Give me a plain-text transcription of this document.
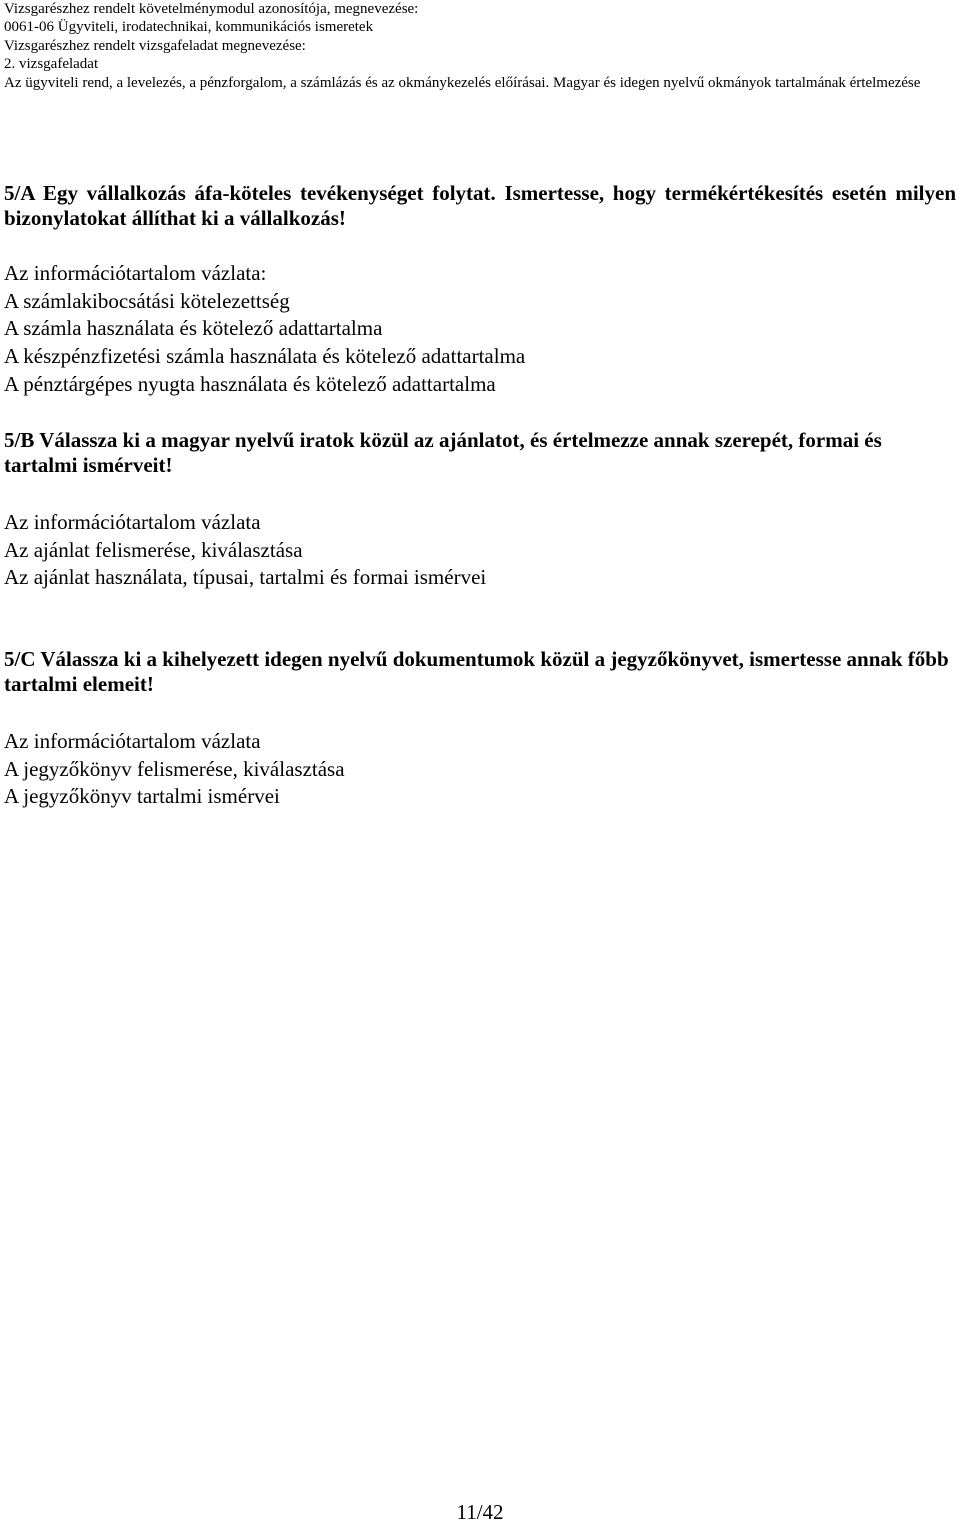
Vizsgarészhez rendelt követelménymodul azonosítója, megnevezése:
0061-06 Ügyviteli, irodatechnikai, kommunikációs ismeretek
Vizsgarészhez rendelt vizsgafeladat megnevezése:
2. vizsgafeladat
Az ügyviteli rend, a levelezés, a pénzforgalom, a számlázás és az okmánykezelés előírásai. Magyar és idegen nyelvű okmányok tartalmának értelmezése
5/A Egy vállalkozás áfa-köteles tevékenységet folytat. Ismertesse, hogy termékértékesítés esetén milyen bizonylatokat állíthat ki a vállalkozás!
Az információtartalom vázlata:
A számlakibocsátási kötelezettség
A számla használata és kötelező adattartalma
A készpénzfizetési számla használata és kötelező adattartalma
A pénztárgépes nyugta használata és kötelező adattartalma
5/B Válassza ki a magyar nyelvű iratok közül az ajánlatot, és értelmezze annak szerepét, formai és tartalmi ismérveit!
Az információtartalom vázlata
Az ajánlat felismerése, kiválasztása
Az ajánlat használata, típusai, tartalmi és formai ismérvei
5/C Válassza ki a kihelyezett idegen nyelvű dokumentumok közül a jegyzőkönyvet, ismertesse annak főbb tartalmi elemeit!
Az információtartalom vázlata
A jegyzőkönyv felismerése, kiválasztása
A jegyzőkönyv tartalmi ismérvei
11/42
